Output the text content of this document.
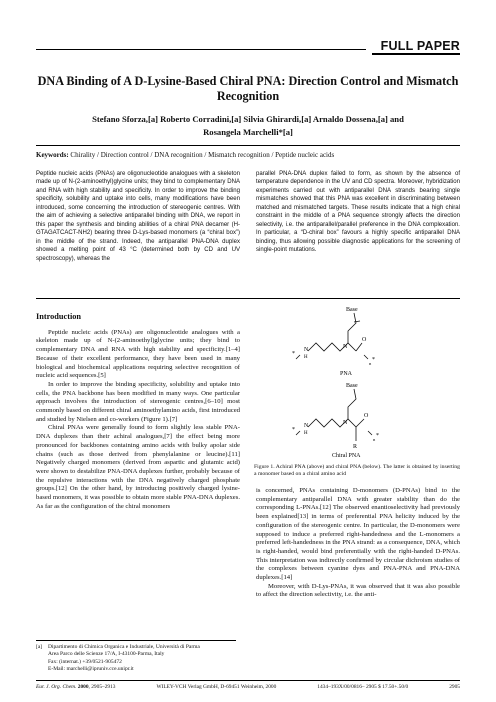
FULL PAPER
DNA Binding of A D-Lysine-Based Chiral PNA: Direction Control and Mismatch Recognition
Stefano Sforza,[a] Roberto Corradini,[a] Silvia Ghirardi,[a] Arnaldo Dossena,[a] and
Rosangela Marchelli*[a]
Keywords: Chirality / Direction control / DNA recognition / Mismatch recognition / Peptide nucleic acids
Peptide nucleic acids (PNAs) are oligonucleotide analogues with a skeleton made up of N-(2-aminoethyl)glycine units; they bind to complementary DNA and RNA with high stability and specificity. In order to improve the binding specificity, solubility and uptake into cells, many modifications have been introduced, some concerning the introduction of stereogenic centres. With the aim of achieving a selective antiparallel binding with DNA, we report in this paper the synthesis and binding abilities of a chiral PNA decamer (H-GTAGATCACT-NH2) bearing three D-Lys-based monomers (a “chiral box”) in the middle of the strand. Indeed, the antiparallel PNA-DNA duplex showed a melting point of 43 °C (determined both by CD and UV spectroscopy), whereas the
parallel PNA-DNA duplex failed to form, as shown by the absence of temperature dependence in the UV and CD spectra. Moreover, hybridization experiments carried out with antiparallel DNA strands bearing single mismatches showed that this PNA was excellent in discriminating between matched and mismatched targets. These results indicate that a high chiral constraint in the middle of a PNA sequence strongly affects the direction selectivity, i.e. the antiparallel/parallel preference in the DNA complexation. In particular, a “D-chiral box” favours a highly specific antiparallel DNA binding, thus allowing possible diagnostic applications for the screening of single-point mutations.
Introduction

Peptide nucleic acids (PNAs) are oligonucleotide analogues with a skeleton made up of N-(2-aminoethyl)glycine units; they bind to complementary DNA and RNA with high stability and specificity.[1–4] Because of their excellent performance, they have been used in many biological and biochemical applications requiring selective recognition of nucleic acid sequences.[5]

In order to improve the binding specificity, solubility and uptake into cells, the PNA backbone has been modified in many ways. One particular approach involves the introduction of stereogenic centres,[6–10] most commonly based on different chiral aminoethylamino acids, first introduced and studied by Nielsen and co-workers (Figure 1).[7]

Chiral PNAs were generally found to form slightly less stable PNA-DNA duplexes than their achiral analogues,[7] the effect being more pronounced for backbones containing amino acids with bulky apolar side chains (such as those derived from phenylalanine or leucine).[11] Negatively charged monomers (derived from aspartic and glutamic acid) were shown to destabilize PNA-DNA duplexes further, probably because of the repulsive interactions with the DNA negatively charged phosphate groups.[12] On the other hand, by introducing positively charged lysine-based monomers, it was possible to obtain more stable PNA-DNA duplexes. As far as the configuration of the chiral monomers

Base
N
O
N
H
*
*
n
PNA
Base
N
O
N
H
*
*
n
R
Chiral PNA
Figure 1. Achiral PNA (above) and chiral PNA (below). The latter is obtained by inserting a monomer based on a chiral amino acid

is concerned, PNAs containing D-monomers (D-PNAs) bind to the complementary antiparallel DNA with greater stability than do the corresponding L-PNAs.[12] The observed enantioselectivity had previously been explained[13] in terms of preferential PNA helicity induced by the configuration of the stereogenic centre. In particular, the D-monomers were supposed to induce a preferred right-handedness and the L-monomers a preferred left-handedness in the PNA strand: as a consequence, DNA, which is right-handed, would bind preferentially with the right-handed D-PNAs. This interpretation was indirectly confirmed by circular dichroism studies of the complexes between cyanine dyes and PNA-PNA and PNA-DNA duplexes.[14]

Moreover, with D-Lys-PNAs, it was observed that it was also possible to affect the direction selectivity, i.e. the anti-

[a]	Dipartimento di Chimica Organica e Industriale, Università di Parma
Area Parco delle Scienze 17/A, I-43100-Parma, Italy
Fax: (internat.) +39/0521-905472
E-Mail: marchelli@ipruniv.cce.unipr.it
Eur. J. Org. Chem. 2000, 2905–2913	WILEY-VCH Verlag GmbH, D-69451 Weinheim, 2000	1434–193X/00/0816– 2905 $ 17.50+.50/0	2905
